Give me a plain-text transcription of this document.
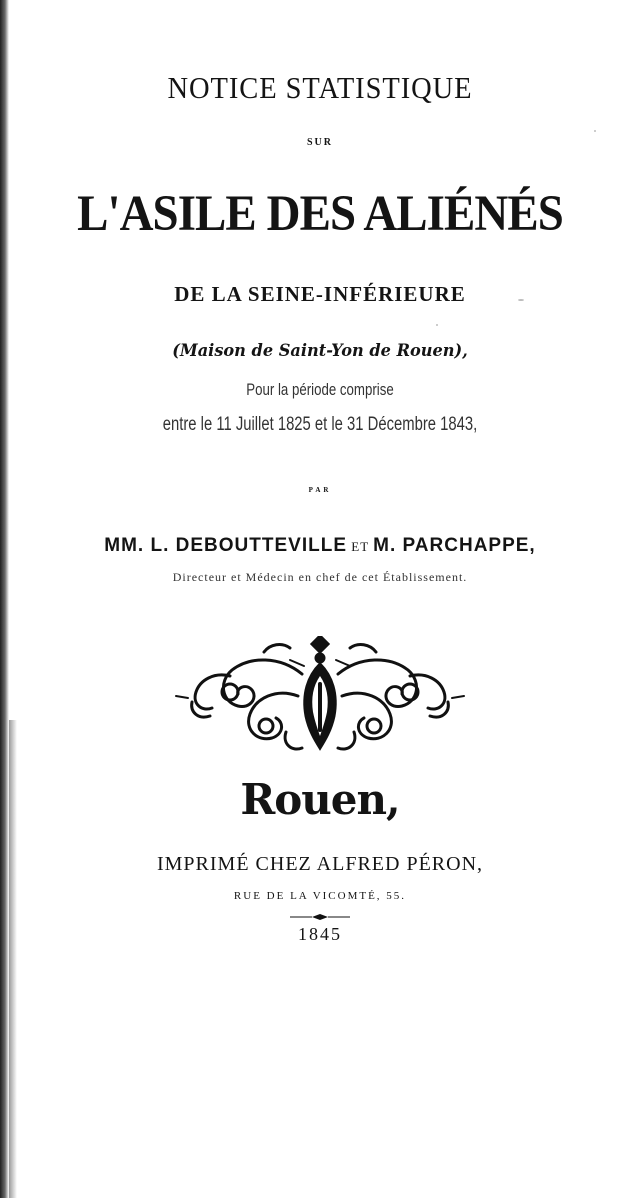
NOTICE STATISTIQUE
SUR
L'ASILE DES ALIÉNÉS
DE LA SEINE-INFÉRIEURE
(Maison de Saint-Yon de Rouen),
Pour la période comprise
entre le 11 Juillet 1825 et le 31 Décembre 1843,
PAR
MM. L. DEBOUTTEVILLE ET M. PARCHAPPE,
Directeur et Médecin en chef de cet Établissement.
Rouen,
IMPRIMÉ CHEZ ALFRED PÉRON,
RUE DE LA VICOMTÉ, 55.
1845
